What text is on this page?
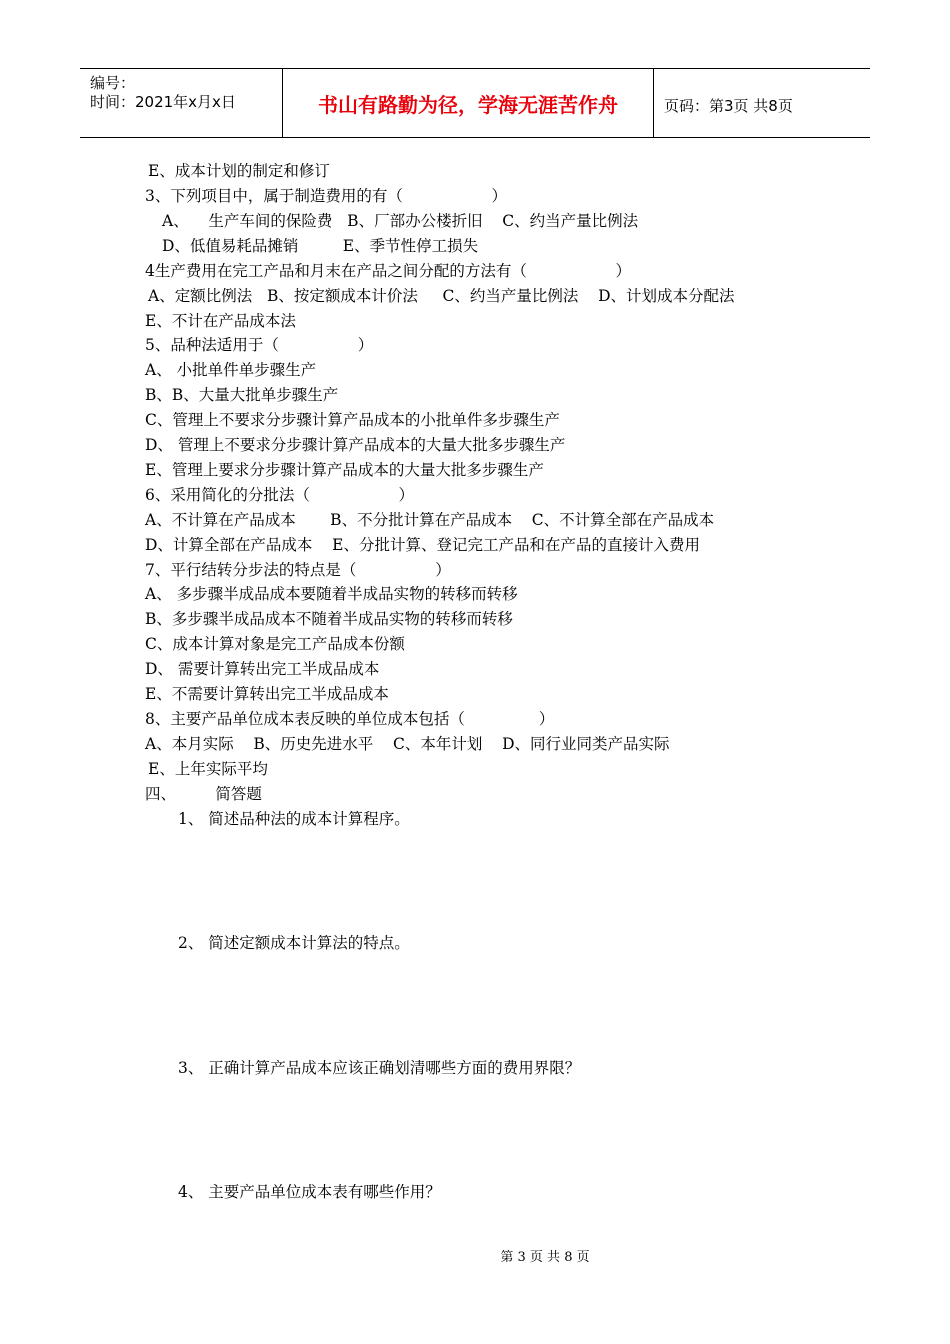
编号：
时间：2021年x月x日	书山有路勤为径，学海无涯苦作舟	页码：第3页 共8页
E、成本计划的制定和修订
3、下列项目中，属于制造费用的有（                  ）
A、    生产车间的保险费   B、厂部办公楼折旧    C、约当产量比例法
D、低值易耗品摊销         E、季节性停工损失
4生产费用在完工产品和月末在产品之间分配的方法有（                  ）
A、定额比例法   B、按定额成本计价法     C、约当产量比例法    D、计划成本分配法
E、不计在产品成本法
5、品种法适用于（                ）
A、 小批单件单步骤生产
B、B、大量大批单步骤生产
C、管理上不要求分步骤计算产品成本的小批单件多步骤生产
D、 管理上不要求分步骤计算产品成本的大量大批多步骤生产
E、管理上要求分步骤计算产品成本的大量大批多步骤生产
6、采用简化的分批法（                  ）
A、不计算在产品成本       B、不分批计算在产品成本    C、不计算全部在产品成本
D、计算全部在产品成本    E、分批计算、登记完工产品和在产品的直接计入费用
7、平行结转分步法的特点是（                ）
A、 多步骤半成品成本要随着半成品实物的转移而转移
B、多步骤半成品成本不随着半成品实物的转移而转移
C、成本计算对象是完工产品成本份额
D、 需要计算转出完工半成品成本
E、不需要计算转出完工半成品成本
8、主要产品单位成本表反映的单位成本包括（               ）
A、本月实际    B、历史先进水平    C、本年计划    D、同行业同类产品实际
E、上年实际平均
四、        简答题
1、 简述品种法的成本计算程序。
2、 简述定额成本计算法的特点。
3、 正确计算产品成本应该正确划清哪些方面的费用界限？
4、 主要产品单位成本表有哪些作用？
第 3 页 共 8 页
